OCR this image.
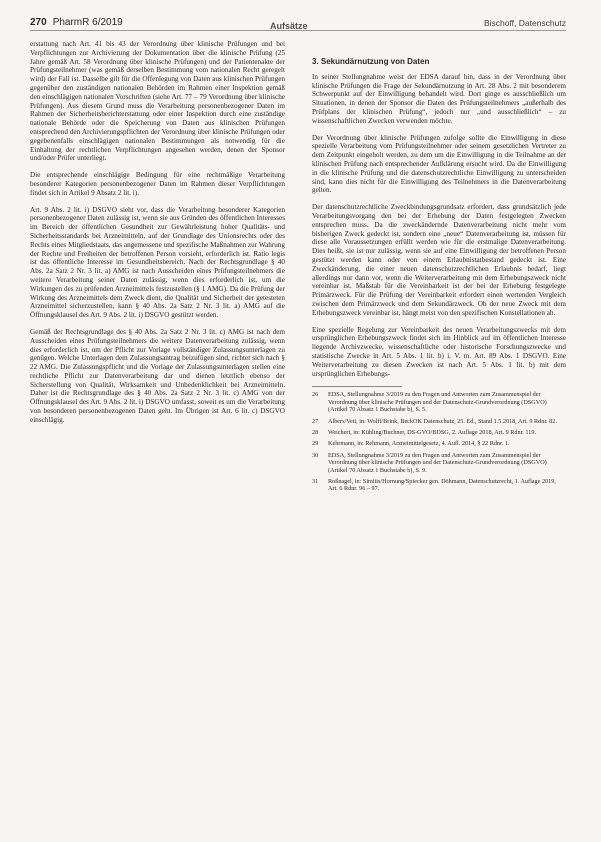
270 PharmR 6/2019	Aufsätze	Bischoff, Datenschutz

erstattung nach Art. 41 bis 43 der Verordnung über klinische Prüfungen und bei Verpflichtungen zur Archivierung der Dokumentation über die klinische Prüfung (25 Jahre gemäß Art. 58 Verordnung über klinische Prüfungen) und der Patientenakte der Prüfungsteilnehmer (was gemäß derselben Bestimmung vom nationalen Recht geregelt wird) der Fall ist. Dasselbe gilt für die Offenlegung von Daten aus klinischen Prüfungen gegenüber den zuständigen nationalen Behörden im Rahmen einer Inspektion gemäß den einschlägigen nationalen Vorschriften (siehe Art. 77 – 79 Verordnung über klinische Prüfungen). Aus diesem Grund muss die Verarbeitung personenbezogener Daten im Rahmen der Sicherheitsberichterstattung oder einer Inspektion durch eine zuständige nationale Behörde oder die Speicherung von Daten aus klinischen Prüfungen entsprechend den Archivierungspflichten der Verordnung über klinische Prüfungen oder gegebenenfalls einschlägigen nationalen Bestimmungen als notwendig für die Einhaltung der rechtlichen Verpflichtungen angesehen werden, denen der Sponsor und/oder Prüfer unterliegt.

Die entsprechende einschlägige Bedingung für eine rechtmäßige Verarbeitung besonderer Kategorien personenbezogener Daten im Rahmen dieser Verpflichtungen findet sich in Artikel 9 Absatz 2 lit. i).

Art. 9 Abs. 2 lit. i) DSGVO sieht vor, dass die Verarbeitung besonderer Kategorien personenbezogener Daten zulässig ist, wenn sie aus Gründen des öffentlichen Interesses im Bereich der öffentlichen Gesundheit zur Gewährleistung hoher Qualitäts- und Sicherheitsstandards bei Arzneimitteln, auf der Grundlage des Unionsrechts oder des Rechts eines Mitgliedstaats, das angemessene und spezifische Maßnahmen zur Wahrung der Rechte und Freiheiten der betroffenen Person vorsieht, erforderlich ist. Ratio legis ist das öffentliche Interesse im Gesundheitsbereich. Nach der Rechtsgrundlage § 40 Abs. 2a Satz 2 Nr. 3 lit. a) AMG ist nach Ausscheiden eines Prüfungsteilnehmers die weitere Verarbeitung seiner Daten zulässig, wenn dies erforderlich ist, um die Wirkungen des zu prüfenden Arzneimittels festzustellen (§ 1 AMG). Da die Prüfung der Wirkung des Arzneimittels dem Zweck dient, die Qualität und Sicherheit der getesteten Arzneimittel sicherzustellen, kann § 40 Abs. 2a Satz 2 Nr. 3 lit. a) AMG auf die Öffnungsklausel des Art. 9 Abs. 2 lit. i) DSGVO gestützt werden.

Gemäß der Rechtsgrundlage des § 40 Abs. 2a Satz 2 Nr. 3 lit. c) AMG ist nach dem Ausscheiden eines Prüfungsteilnehmers die weitere Datenverarbeitung zulässig, wenn dies erforderlich ist, um der Pflicht zur Vorlage vollständiger Zulassungsunterlagen zu genügen. Welche Unterlagen dem Zulassungsantrag beizufügen sind, richtet sich nach § 22 AMG. Die Zulassungspflicht und die Vorlage der Zulassungsunterlagen stellen eine rechtliche Pflicht zur Datenverarbeitung dar und dienen letztlich ebenso der Sicherstellung von Qualität, Wirksamkeit und Unbedenklichkeit bei Arzneimitteln. Daher ist die Rechtsgrundlage des § 40 Abs. 2a Satz 2 Nr. 3 lit. c) AMG von der Öffnungsklausel des Art. 9 Abs. 2 lit. i) DSGVO umfasst, soweit es um die Verarbeitung von besonderen personenbezogenen Daten geht. Im Übrigen ist Art. 6 lit. c) DSGVO einschlägig.

3. Sekundärnutzung von Daten

In seiner Stellungnahme weist der EDSA darauf hin, dass in der Verordnung über klinische Prüfungen die Frage der Sekundärnutzung in Art. 28 Abs. 2 mit besonderem Schwerpunkt auf der Einwilligung behandelt wird. Dort ginge es ausschließlich um Situationen, in denen der Sponsor die Daten des Prüfungsteilnehmers „außerhalb des Prüfplans der klinischen Prüfung“, jedoch nur „und ausschließlich“ – zu wissenschaftlichen Zwecken verwenden möchte.

Der Verordnung über klinische Prüfungen zufolge sollte die Einwilligung in diese spezielle Verarbeitung vom Prüfungsteilnehmer oder seinem gesetzlichen Vertreter zu dem Zeitpunkt eingeholt werden, zu dem um die Einwilligung in die Teilnahme an der klinischen Prüfung nach entsprechender Aufklärung ersucht wird. Da die Einwilligung in die klinische Prüfung und die datenschutzrechtliche Einwilligung zu unterscheiden sind, kann dies nicht für die Einwilligung des Teilnehmers in die Datenverarbeitung gelten.

Der datenschutzrechtliche Zweckbindungsgrundsatz erfordert, dass grundsätzlich jede Verarbeitungsvorgang den bei der Erhebung der Daten festgelegten Zwecken entsprechen muss. Da die zweckändernde Datenverarbeitung nicht mehr vom bisherigen Zweck gedeckt ist, sondern eine „neue“ Datenverarbeitung ist, müssen für diese alle Voraussetzungen erfüllt werden wie für die erstmalige Datenverarbeitung. Dies heißt, sie ist nur zulässig, wenn sie auf eine Einwilligung der betroffenen Person gestützt werden kann oder von einem Erlaubnistatbestand gedeckt ist. Eine Zweckänderung, die einer neuen datenschutzrechtlichen Erlaubnis bedarf, liegt allerdings nur dann vor, wenn die Weiterverarbeitung mit dem Erhebungszweck nicht vereinbar ist. Maßstab für die Vereinbarkeit ist der bei der Erhebung festgelegte Primärzweck. Für die Prüfung der Vereinbarkeit erfordert einen wertenden Vergleich zwischen dem Primärzweck und dem Sekundärzweck. Ob der neue Zweck mit dem Erhebungszweck vereinbar ist, hängt meist von den spezifischen Konstellationen ab.

Eine spezielle Regelung zur Vereinbarkeit des neuen Verarbeitungszwecks mit dem ursprünglichen Erhebungszweck findet sich im Hinblick auf im öffentlichen Interesse liegende Archivzwecke, wissenschaftliche oder historische Forschungszwecke und statistische Zwecke in Art. 5 Abs. 1 lit. b) i. V. m. Art. 89 Abs. 1 DSGVO. Eine Weiterverarbeitung zu diesen Zwecken ist nach Art. 5 Abs. 1 lit. b) mit dem ursprünglichen Erhebungs-

26	EDSA, Stellungnahme 3/2019 zu den Fragen und Antworten zum Zusammenspiel der Verordnung über klinische Prüfungen und der Datenschutz-Grundverordnung (DSGVO) (Artikel 70 Absatz 1 Buchstabe b), S. 5.
27	Albers/Veit, in: Wolff/Brink, BeckOK Datenschutz, 25. Ed., Stand 1.5.2018, Art. 9 Rdnr. 82.
28	Weichert, in: Kühling/Buchner, DS-GVO/BDSG, 2. Auflage 2018, Art. 9 Rdnr. 119.
29	Kehrmann, in: Rehmann, Arzneimittelgesetz, 4. Aufl. 2014, § 22 Rdnr. 1.
30	EDSA, Stellungnahme 3/2019 zu den Fragen und Antworten zum Zusammenspiel der Verordnung über klinische Prüfungen und der Datenschutz-Grundverordnung (DSGVO) (Artikel 70 Absatz 1 Buchstabe b), S. 9.
31	Roßnagel, in: Simitis/Hornung/Spiecker gen. Döhmann, Datenschutzrecht, 1. Auflage 2019, Art. 6 Rdnr. 96 – 97.
